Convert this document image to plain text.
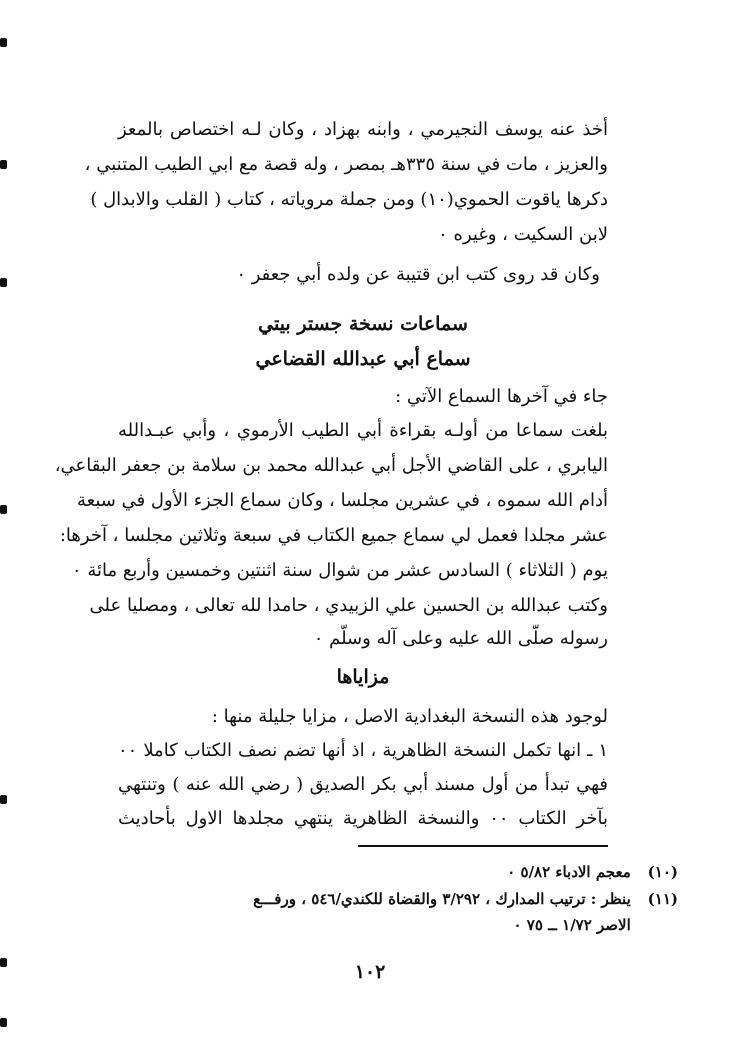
أخذ عنه يوسف النجيرمي ، وابنه بهزاد ، وكان لـه اختصاص بالمعز
والعزيز ، مات في سنة ٣٣٥هـ بمصر ، وله قصة مع ابي الطيب المتنبي ،
دكرها ياقوت الحموي(١٠) ومن جملة مروياته ، كتاب ( القلب والابدال )
لابن السكيت ، وغيره ٠
وكان قد روى كتب ابن قتيبة عن ولده أبي جعفر ٠
سماعات نسخة جستر بيتي
سماع أبي عبدالله القضاعي
جاء في آخرها السماع الآتي :
بلغت سماعا من أولـه بقراءة أبي الطيب الأرموي ، وأبي عبـدالله
اليابري ، على القاضي الأجل أبي عبدالله محمد بن سلامة بن جعفر البقاعي،
أدام الله سموه ، في عشرين مجلسا ، وكان سماع الجزء الأول في سبعة
عشر مجلدا فعمل لي سماع جميع الكتاب في سبعة وثلاثين مجلسا ، آخرها:
يوم ( الثلاثاء ) السادس عشر من شوال سنة اثنتين وخمسين وأربع مائة ٠
وكتب عبدالله بن الحسين علي الزبيدي ، حامدا لله تعالى ، ومصليا على
رسوله صلّى الله عليه وعلى آله وسلّم ٠
مزاياها
لوجود هذه النسخة البغدادية الاصل ، مزايا جليلة منها :
١ ـ انها تكمل النسخة الظاهرية ، اذ أنها تضم نصف الكتاب كاملا ٠٠
فهي تبدأ من أول مسند أبي بكر الصديق ( رضي الله عنه ) وتنتهي
بآخر الكتاب ٠٠ والنسخة الظاهرية ينتهي مجلدها الاول بأحاديث
(١٠) معجم الادباء ٥/٨٢ ٠
(١١) ينظر : ترتيب المدارك ، ٣/٢٩٢ والقضاة للكندي/٥٤٦ ، ورفـــع
الاصر ١/٧٢ ــ ٧٥ ٠
١٠٢
